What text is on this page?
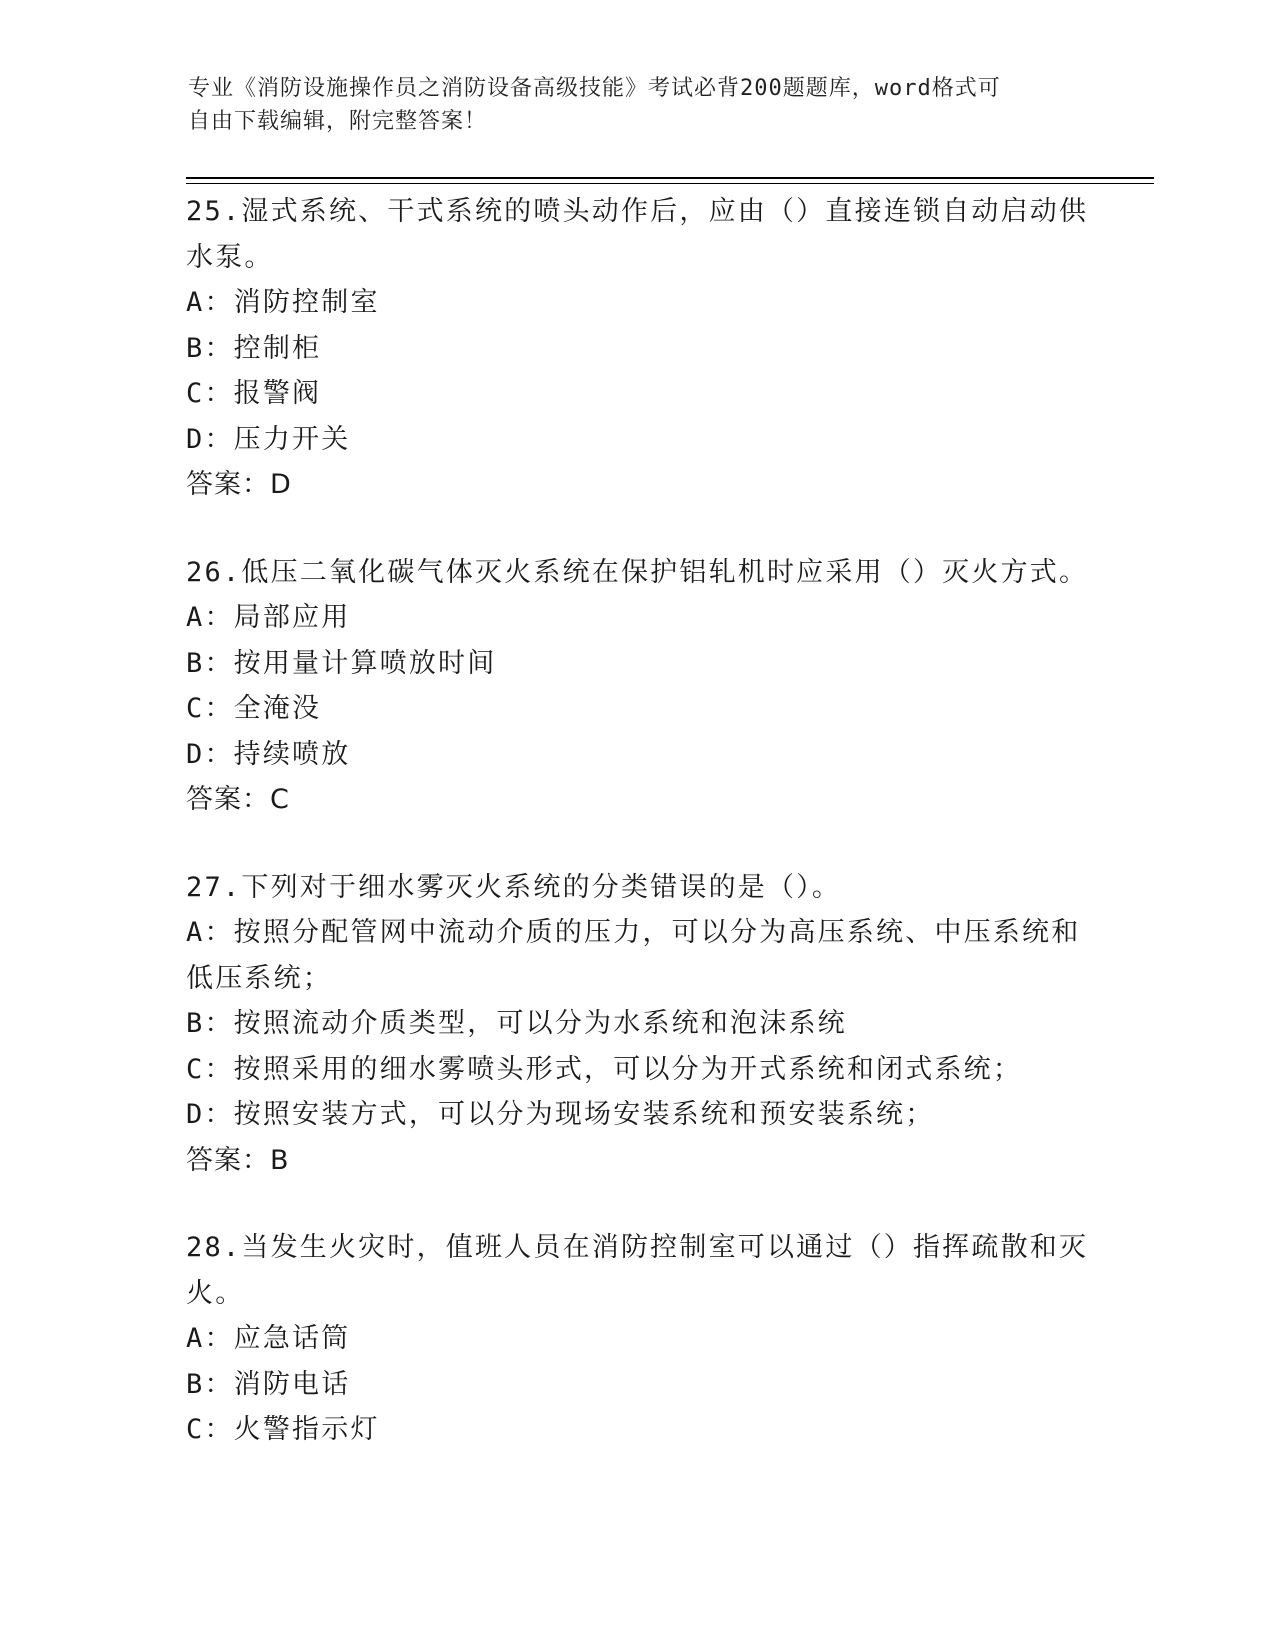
专业《消防设施操作员之消防设备高级技能》考试必背200题题库，word格式可
自由下载编辑，附完整答案！
25.湿式系统、干式系统的喷头动作后，应由（）直接连锁自动启动供
水泵。
A：消防控制室
B：控制柜
C：报警阀
D：压力开关
答案：D
26.低压二氧化碳气体灭火系统在保护铝轧机时应采用（）灭火方式。
A：局部应用
B：按用量计算喷放时间
C：全淹没
D：持续喷放
答案：C
27.下列对于细水雾灭火系统的分类错误的是（）。
A：按照分配管网中流动介质的压力，可以分为高压系统、中压系统和
低压系统；
B：按照流动介质类型，可以分为水系统和泡沫系统
C：按照采用的细水雾喷头形式，可以分为开式系统和闭式系统；
D：按照安装方式，可以分为现场安装系统和预安装系统；
答案：B
28.当发生火灾时，值班人员在消防控制室可以通过（）指挥疏散和灭
火。
A：应急话筒
B：消防电话
C：火警指示灯
